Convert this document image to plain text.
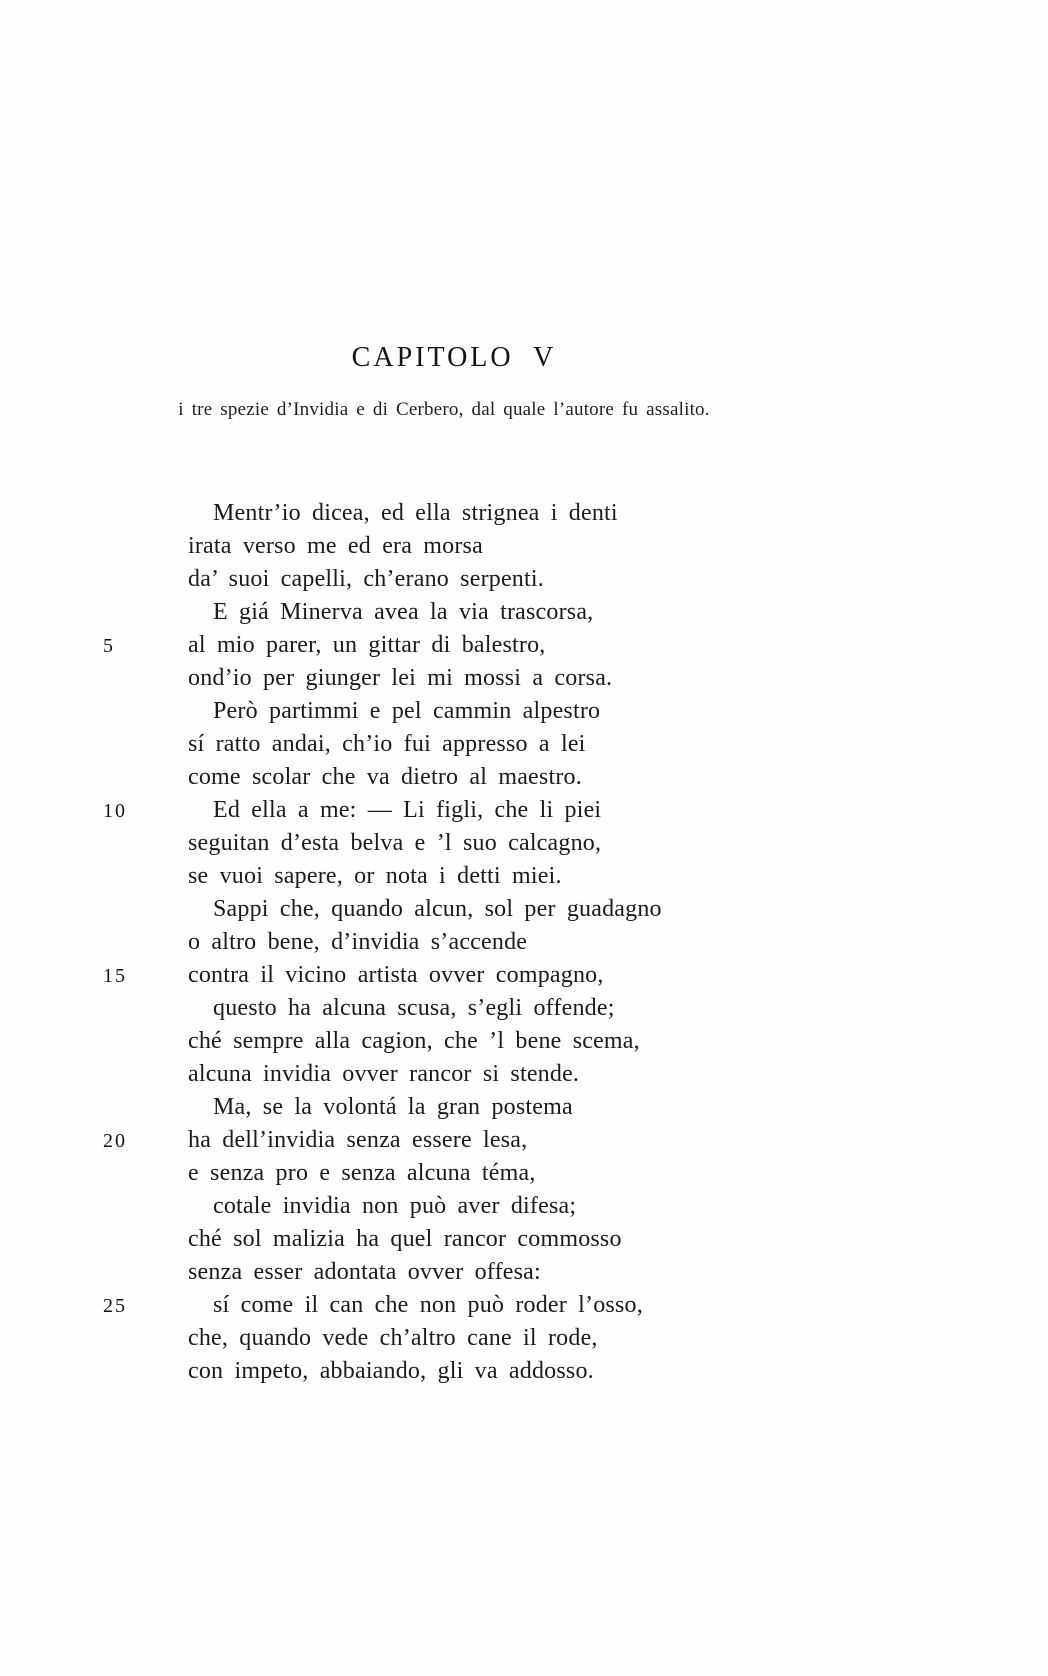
CAPITOLO V
i tre spezie d’Invidia e di Cerbero, dal quale l’autore fu assalito.
Mentr’io dicea, ed ella strignea i denti
irata verso me ed era morsa
da’ suoi capelli, ch’erano serpenti.
E giá Minerva avea la via trascorsa,
5	al mio parer, un gittar di balestro,
ond’io per giunger lei mi mossi a corsa.
Però partimmi e pel cammin alpestro
sí ratto andai, ch’io fui appresso a lei
come scolar che va dietro al maestro.
10	Ed ella a me: — Li figli, che li piei
seguitan d’esta belva e ’l suo calcagno,
se vuoi sapere, or nota i detti miei.
Sappi che, quando alcun, sol per guadagno
o altro bene, d’invidia s’accende
15	contra il vicino artista ovver compagno,
questo ha alcuna scusa, s’egli offende;
ché sempre alla cagion, che ’l bene scema,
alcuna invidia ovver rancor si stende.
Ma, se la volontá la gran postema
20	ha dell’invidia senza essere lesa,
e senza pro e senza alcuna téma,
cotale invidia non può aver difesa;
ché sol malizia ha quel rancor commosso
senza esser adontata ovver offesa:
25	sí come il can che non può roder l’osso,
che, quando vede ch’altro cane il rode,
con impeto, abbaiando, gli va addosso.
